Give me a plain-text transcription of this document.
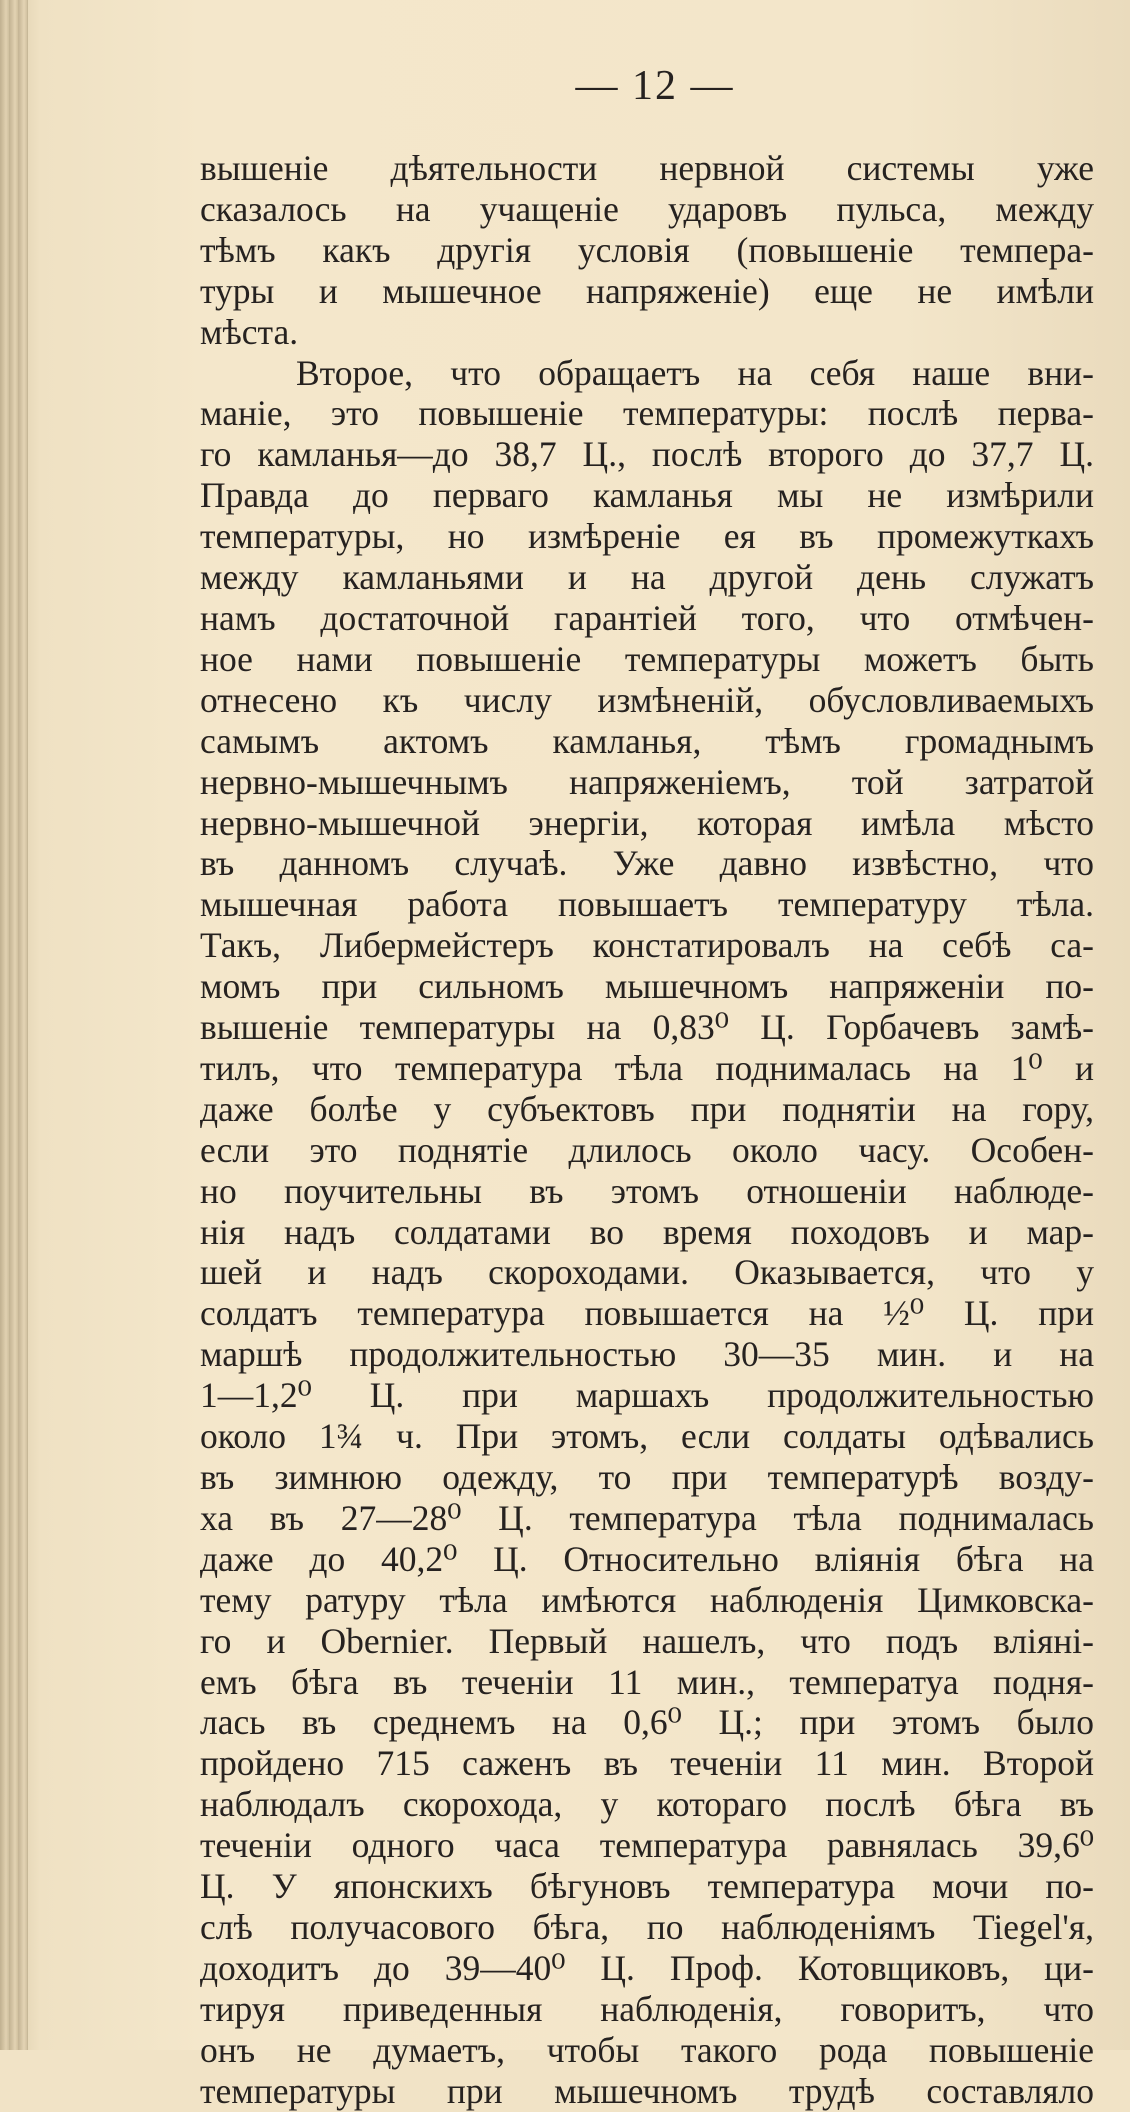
— 12 —
вышеніе дѣятельности нервной системы уже
сказалось на учащеніе ударовъ пульса, между
тѣмъ какъ другія условія (повышеніе темпера-
туры и мышечное напряженіе) еще не имѣли
мѣста.
Второе, что обращаетъ на себя наше вни-
маніе, это повышеніе температуры: послѣ перва-
го камланья—до 38,7 Ц., послѣ второго до 37,7 Ц.
Правда до перваго камланья мы не измѣрили
температуры, но измѣреніе ея въ промежуткахъ
между камланьями и на другой день служатъ
намъ достаточной гарантіей того, что отмѣчен-
ное нами повышеніе температуры можетъ быть
отнесено къ числу измѣненій, обусловливаемыхъ
самымъ актомъ камланья, тѣмъ громаднымъ
нервно-мышечнымъ напряженіемъ, той затратой
нервно-мышечной энергіи, которая имѣла мѣсто
въ данномъ случаѣ. Уже давно извѣстно, что
мышечная работа повышаетъ температуру тѣла.
Такъ, Либермейстеръ констатировалъ на себѣ са-
момъ при сильномъ мышечномъ напряженіи по-
вышеніе температуры на 0,83⁰ Ц. Горбачевъ замѣ-
тилъ, что температура тѣла поднималась на 1⁰ и
даже болѣе у субъектовъ при поднятіи на гору,
если это поднятіе длилось около часу. Особен-
но поучительны въ этомъ отношеніи наблюде-
нія надъ солдатами во время походовъ и мар-
шей и надъ скороходами. Оказывается, что у
солдатъ температура повышается на ½⁰ Ц. при
маршѣ продолжительностью 30—35 мин. и на
1—1,2⁰ Ц. при маршахъ продолжительностью
около 1¾ ч. При этомъ, если солдаты одѣвались
въ зимнюю одежду, то при температурѣ возду-
ха въ 27—28⁰ Ц. температура тѣла поднималась
даже до 40,2⁰ Ц. Относительно вліянія бѣга на
тему ратуру тѣла имѣются наблюденія Цимковска-
го и Obernier. Первый нашелъ, что подъ вліяні-
емъ бѣга въ теченіи 11 мин., температуа подня-
лась въ среднемъ на 0,6⁰ Ц.; при этомъ было
пройдено 715 саженъ въ теченіи 11 мин. Второй
наблюдалъ скорохода, у котораго послѣ бѣга въ
теченіи одного часа температура равнялась 39,6⁰
Ц. У японскихъ бѣгуновъ температура мочи по-
слѣ получасового бѣга, по наблюденіямъ Tiegel'я,
доходитъ до 39—40⁰ Ц. Проф. Котовщиковъ, ци-
тируя приведенныя наблюденія, говоритъ, что
онъ не думаетъ, чтобы такого рода повышеніе
температуры при мышечномъ трудѣ составляло
